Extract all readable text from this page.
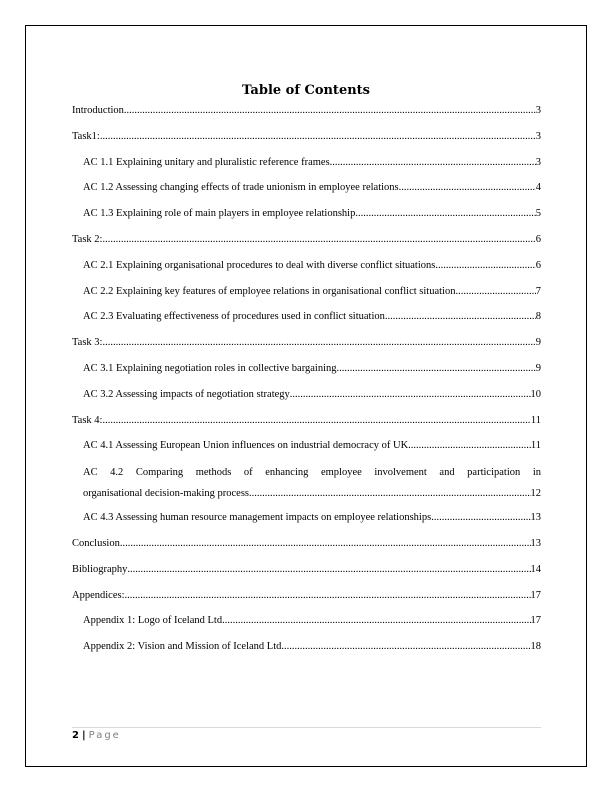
Table of Contents
Introduction .....	3
Task1: .....	3
AC 1.1 Explaining unitary and pluralistic reference frames .....	3
AC 1.2 Assessing changing effects of trade unionism in employee relations .....	4
AC 1.3 Explaining role of main players in employee relationship .....	5
Task 2: .....	6
AC 2.1 Explaining organisational procedures to deal with diverse conflict situations .....	6
AC 2.2 Explaining key features of employee relations in organisational conflict situation .....	7
AC 2.3 Evaluating effectiveness of procedures used in conflict situation .....	8
Task 3: .....	9
AC 3.1 Explaining negotiation roles in collective bargaining .....	9
AC 3.2 Assessing impacts of negotiation strategy .....	10
Task 4: .....	11
AC 4.1 Assessing European Union influences on industrial democracy of UK .....	11
AC 4.2 Comparing methods of enhancing employee involvement and participation in
organisational decision-making process .....	12
AC 4.3 Assessing human resource management impacts on employee relationships .....	13
Conclusion .....	13
Bibliography .....	14
Appendices: .....	17
Appendix 1: Logo of Iceland Ltd .....	17
Appendix 2: Vision and Mission of Iceland Ltd .....	18
2 | Page
